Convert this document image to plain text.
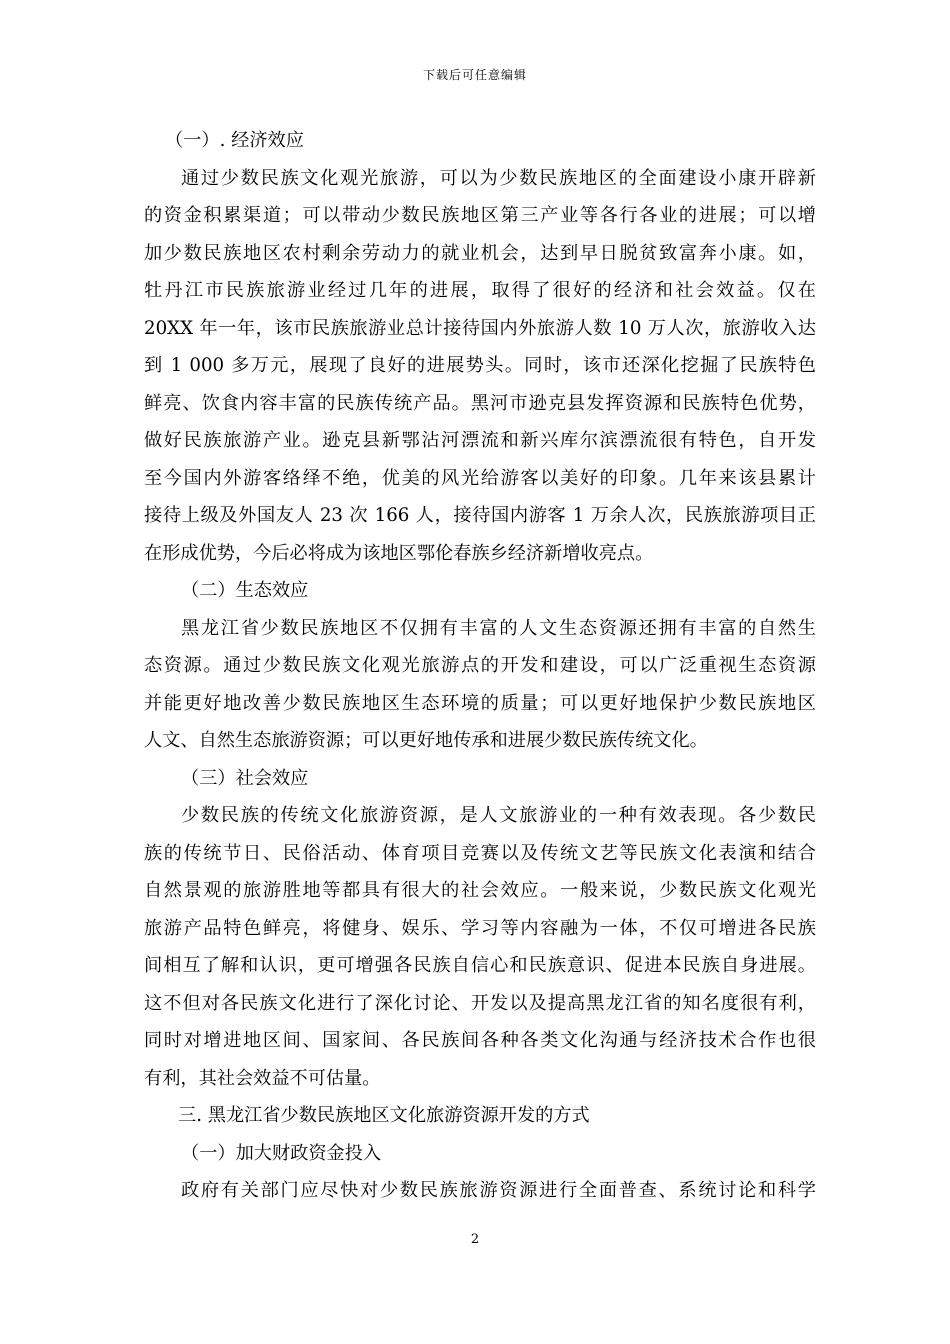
下载后可任意编辑
（一）. 经济效应
通过少数民族文化观光旅游，可以为少数民族地区的全面建设小康开辟新
的资金积累渠道；可以带动少数民族地区第三产业等各行各业的进展；可以增
加少数民族地区农村剩余劳动力的就业机会，达到早日脱贫致富奔小康。如，
牡丹江市民族旅游业经过几年的进展，取得了很好的经济和社会效益。仅在
20XX 年一年，该市民族旅游业总计接待国内外旅游人数 10 万人次，旅游收入达
到 1 000 多万元，展现了良好的进展势头。同时，该市还深化挖掘了民族特色
鲜亮、饮食内容丰富的民族传统产品。黑河市逊克县发挥资源和民族特色优势，
做好民族旅游产业。逊克县新鄂沾河漂流和新兴库尔滨漂流很有特色，自开发
至今国内外游客络绎不绝，优美的风光给游客以美好的印象。几年来该县累计
接待上级及外国友人 23 次 166 人，接待国内游客 1 万余人次，民族旅游项目正
在形成优势，今后必将成为该地区鄂伦春族乡经济新增收亮点。
（二）生态效应
黑龙江省少数民族地区不仅拥有丰富的人文生态资源还拥有丰富的自然生
态资源。通过少数民族文化观光旅游点的开发和建设，可以广泛重视生态资源
并能更好地改善少数民族地区生态环境的质量；可以更好地保护少数民族地区
人文、自然生态旅游资源；可以更好地传承和进展少数民族传统文化。
（三）社会效应
少数民族的传统文化旅游资源，是人文旅游业的一种有效表现。各少数民
族的传统节日、民俗活动、体育项目竞赛以及传统文艺等民族文化表演和结合
自然景观的旅游胜地等都具有很大的社会效应。一般来说，少数民族文化观光
旅游产品特色鲜亮，将健身、娱乐、学习等内容融为一体，不仅可增进各民族
间相互了解和认识，更可增强各民族自信心和民族意识、促进本民族自身进展。
这不但对各民族文化进行了深化讨论、开发以及提高黑龙江省的知名度很有利，
同时对增进地区间、国家间、各民族间各种各类文化沟通与经济技术合作也很
有利，其社会效益不可估量。
三. 黑龙江省少数民族地区文化旅游资源开发的方式
（一）加大财政资金投入
政府有关部门应尽快对少数民族旅游资源进行全面普查、系统讨论和科学
2
